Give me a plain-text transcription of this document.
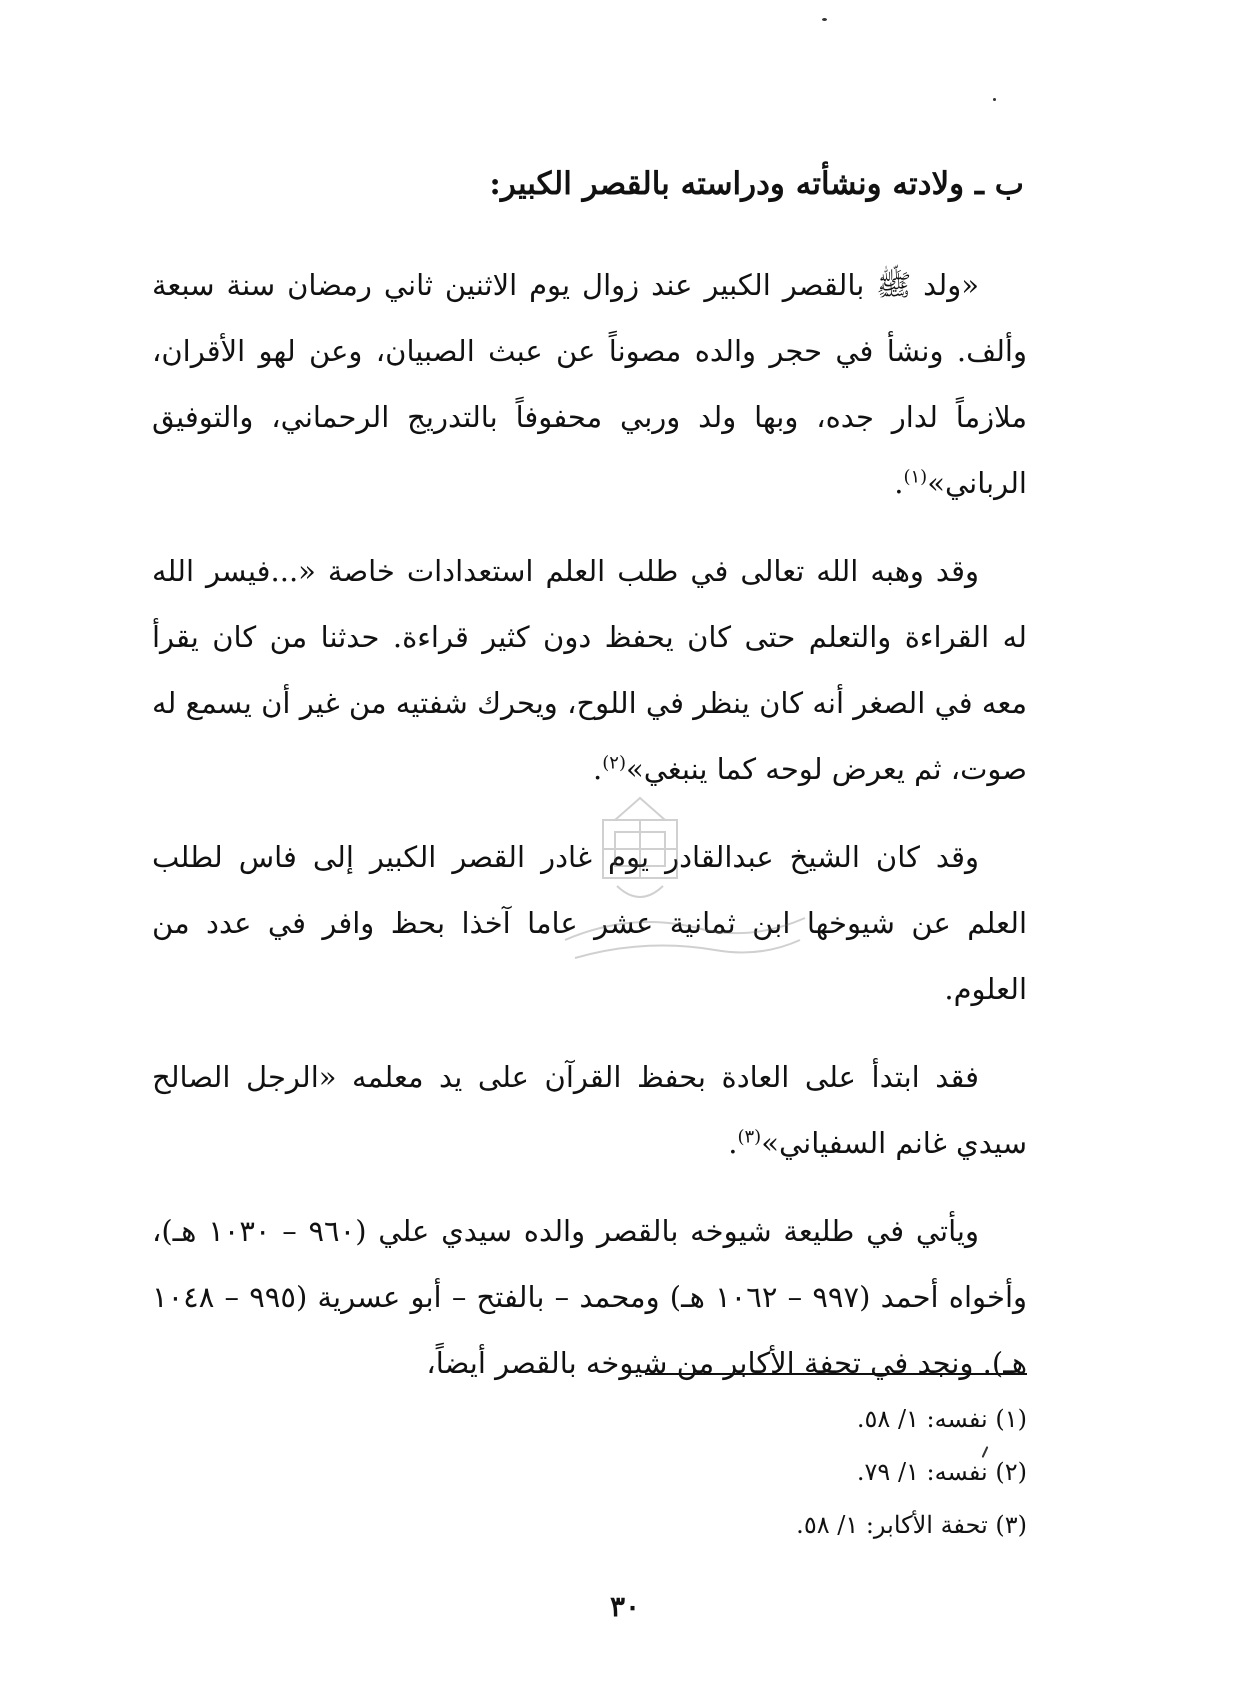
ب ـ ولادته ونشأته ودراسته بالقصر الكبير:

«ولد ﷺ بالقصر الكبير عند زوال يوم الاثنين ثاني رمضان سنة سبعة وألف. ونشأ في حجر والده مصوناً عن عبث الصبيان، وعن لهو الأقران، ملازماً لدار جده، وبها ولد وربي محفوفاً بالتدريج الرحماني، والتوفيق الرباني»$^{(١)}$.

وقد وهبه الله تعالى في طلب العلم استعدادات خاصة «...فيسر الله له القراءة والتعلم حتى كان يحفظ دون كثير قراءة. حدثنا من كان يقرأ معه في الصغر أنه كان ينظر في اللوح، ويحرك شفتيه من غير أن يسمع له صوت، ثم يعرض لوحه كما ينبغي»$^{(٢)}$.

وقد كان الشيخ عبدالقادر يوم غادر القصر الكبير إلى فاس لطلب العلم عن شيوخها ابن ثمانية عشر عاما آخذا بحظ وافر في عدد من العلوم.

فقد ابتدأ على العادة بحفظ القرآن على يد معلمه «الرجل الصالح سيدي غانم السفياني»$^{(٣)}$.

ويأتي في طليعة شيوخه بالقصر والده سيدي علي (٩٦٠ – ١٠٣٠ هـ)، وأخواه أحمد (٩٩٧ – ١٠٦٢ هـ) ومحمد – بالفتح – أبو عسرية (٩٩٥ – ١٠٤٨ هـ). ونجد في تحفة الأكابر من شيوخه بالقصر أيضاً،

(١) نفسه: ١/ ٥٨.
(٢) نفسه: ١/ ٧٩.
(٣) تحفة الأكابر: ١/ ٥٨.
٣٠
